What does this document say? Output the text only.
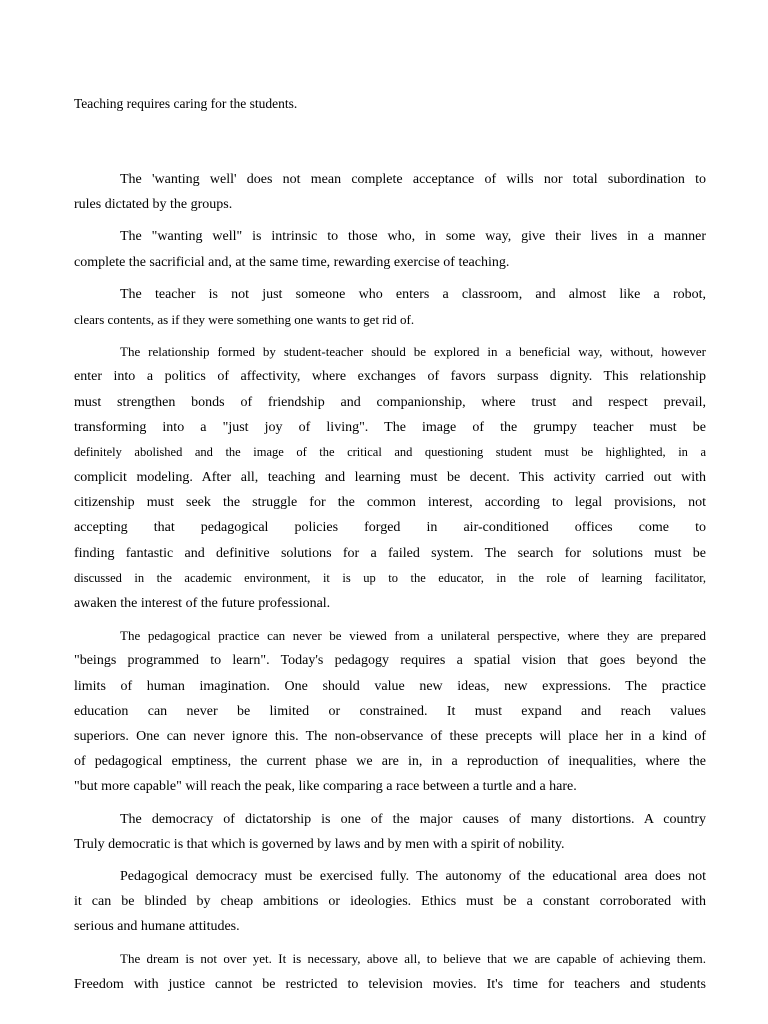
Teaching requires caring for the students.
The 'wanting well' does not mean complete acceptance of wills nor total subordination to
rules dictated by the groups.
The "wanting well" is intrinsic to those who, in some way, give their lives in a manner
complete the sacrificial and, at the same time, rewarding exercise of teaching.
The teacher is not just someone who enters a classroom, and almost like a robot,
clears contents, as if they were something one wants to get rid of.
The relationship formed by student-teacher should be explored in a beneficial way, without, however
enter into a politics of affectivity, where exchanges of favors surpass dignity. This relationship
must strengthen bonds of friendship and companionship, where trust and respect prevail,
transforming into a "just joy of living". The image of the grumpy teacher must be
definitely abolished and the image of the critical and questioning student must be highlighted, in a
complicit modeling. After all, teaching and learning must be decent. This activity carried out with
citizenship must seek the struggle for the common interest, according to legal provisions, not
accepting that pedagogical policies forged in air-conditioned offices come to
finding fantastic and definitive solutions for a failed system. The search for solutions must be
discussed in the academic environment, it is up to the educator, in the role of learning facilitator,
awaken the interest of the future professional.
The pedagogical practice can never be viewed from a unilateral perspective, where they are prepared
"beings programmed to learn". Today's pedagogy requires a spatial vision that goes beyond the
limits of human imagination. One should value new ideas, new expressions. The practice
education can never be limited or constrained. It must expand and reach values
superiors. One can never ignore this. The non-observance of these precepts will place her in a kind of
of pedagogical emptiness, the current phase we are in, in a reproduction of inequalities, where the
"but more capable" will reach the peak, like comparing a race between a turtle and a hare.
The democracy of dictatorship is one of the major causes of many distortions. A country
Truly democratic is that which is governed by laws and by men with a spirit of nobility.
Pedagogical democracy must be exercised fully. The autonomy of the educational area does not
it can be blinded by cheap ambitions or ideologies. Ethics must be a constant corroborated with
serious and humane attitudes.
The dream is not over yet. It is necessary, above all, to believe that we are capable of achieving them.
Freedom with justice cannot be restricted to television movies. It's time for teachers and students
